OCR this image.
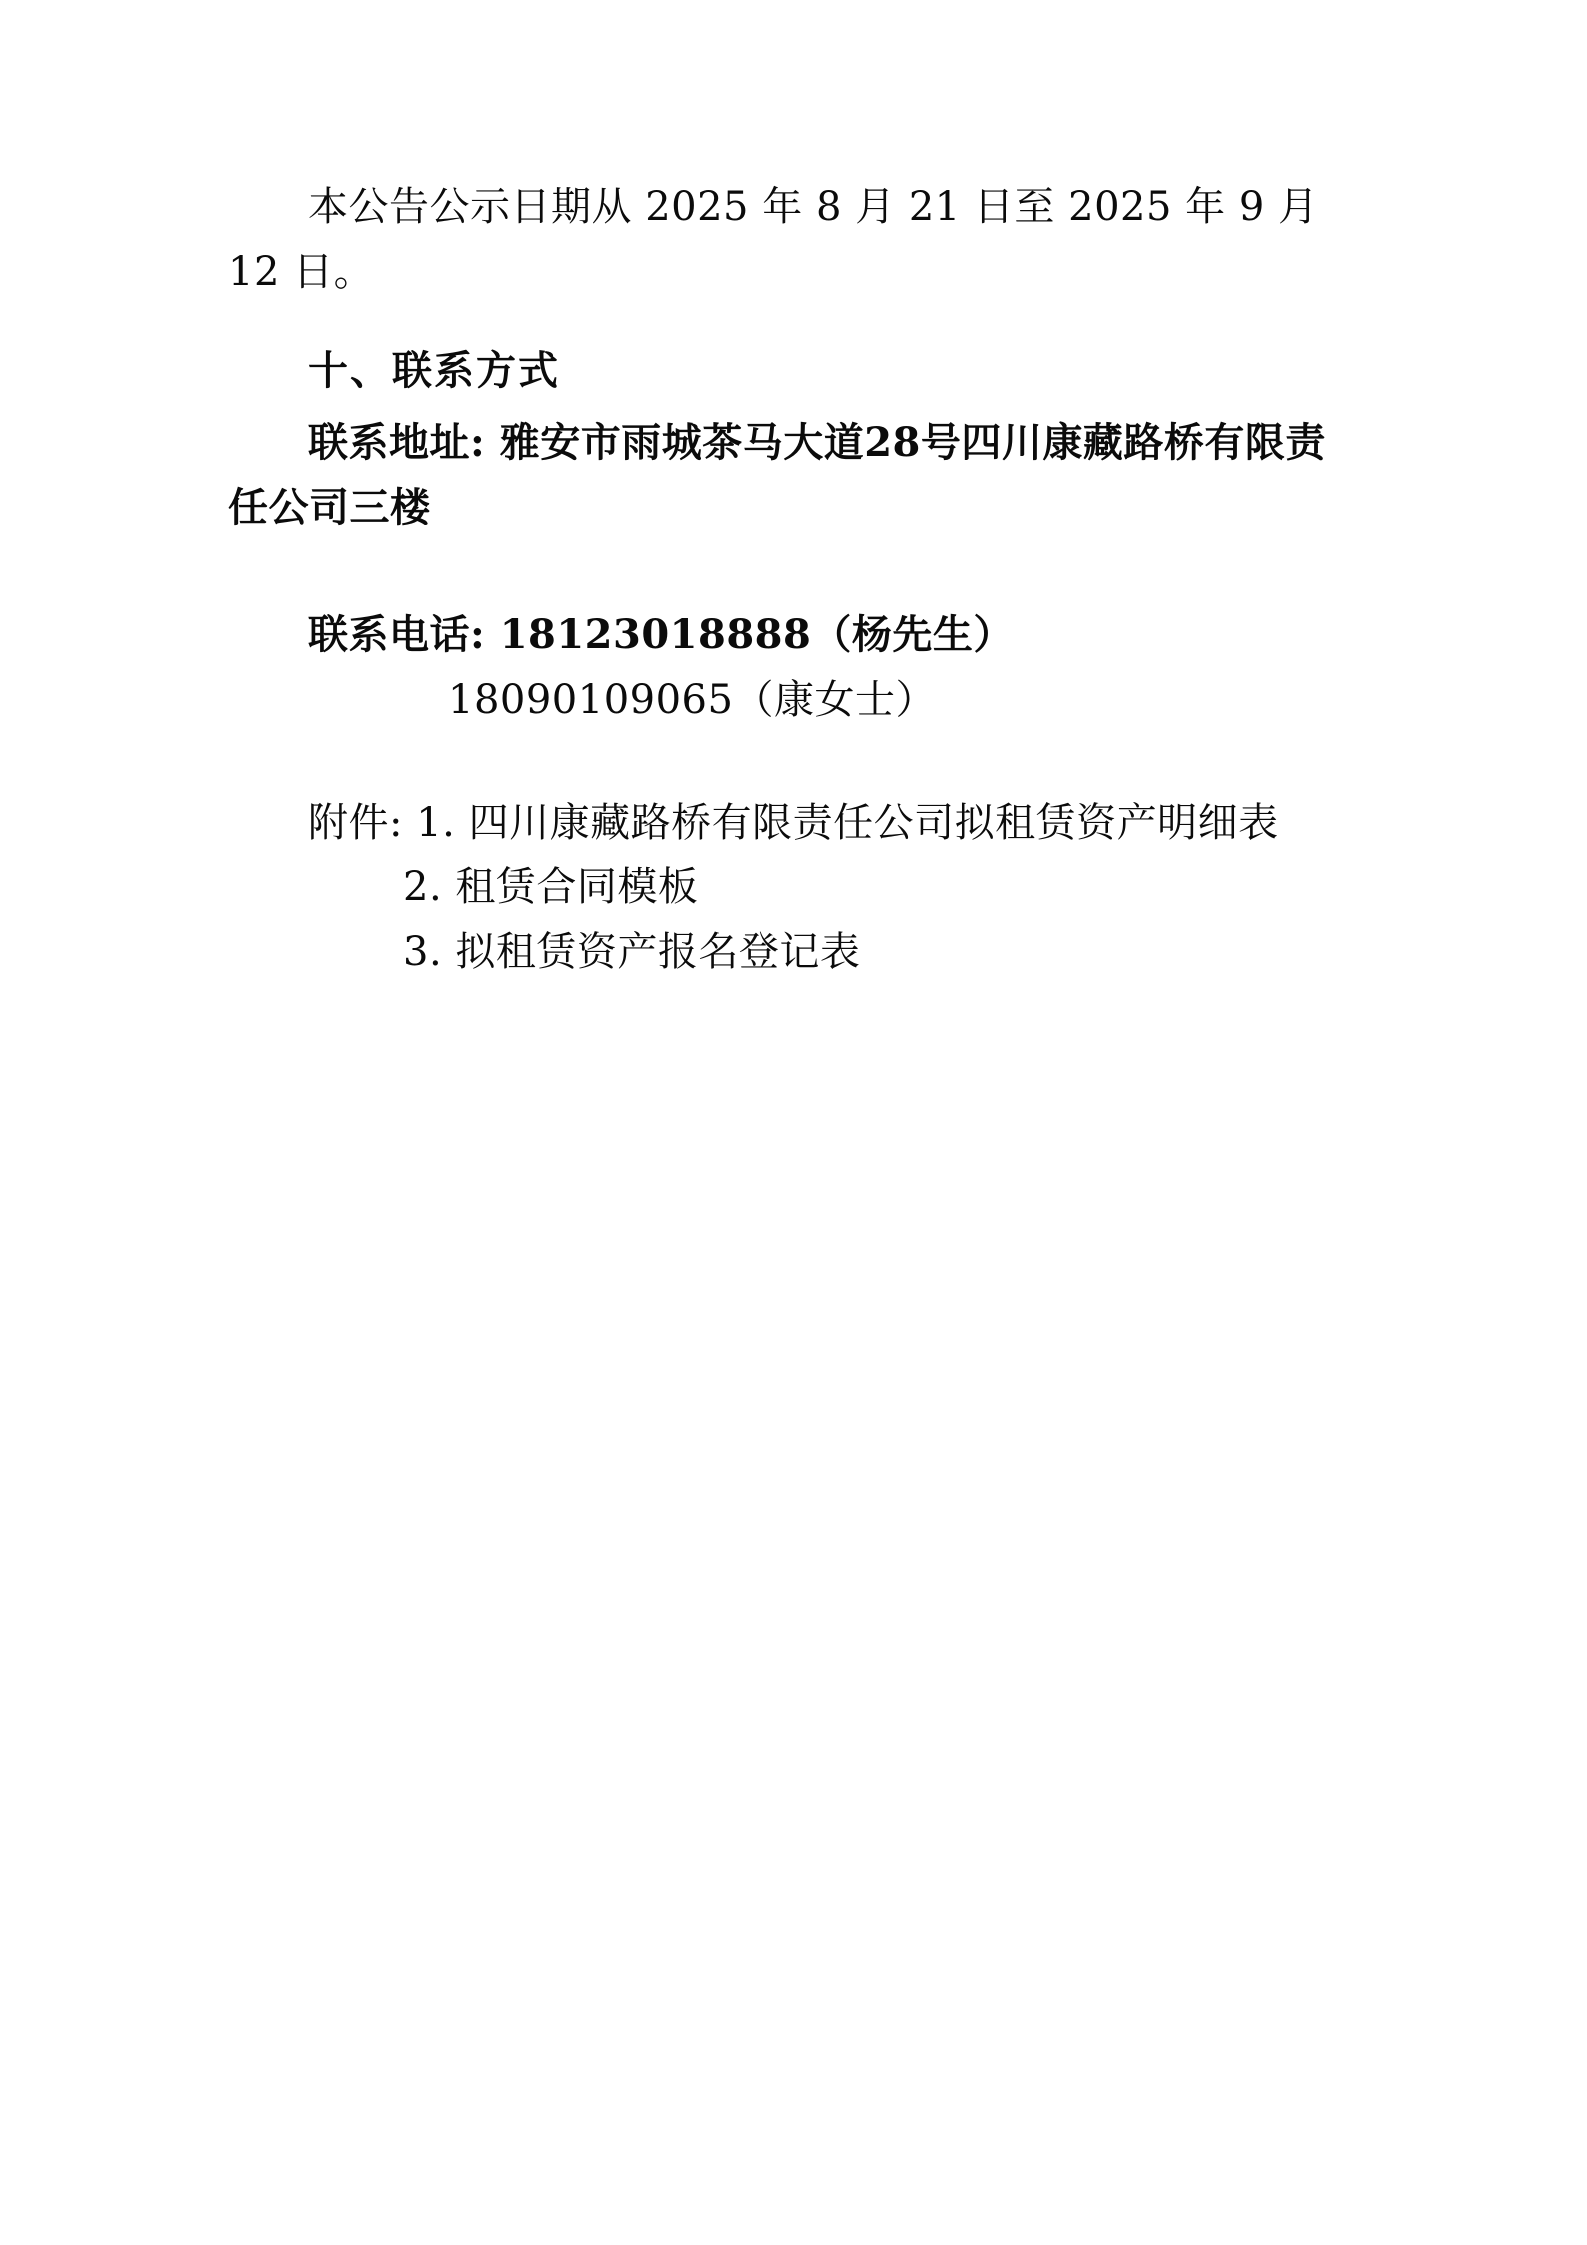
本公告公示日期从 2025 年 8 月 21 日至 2025 年 9 月 12 日。

十、联系方式

联系地址: 雅安市雨城茶马大道28号四川康藏路桥有限责任公司三楼

联系电话: 18123018888（杨先生）

18090109065（康女士）

附件: 1. 四川康藏路桥有限责任公司拟租赁资产明细表

2. 租赁合同模板

3. 拟租赁资产报名登记表
